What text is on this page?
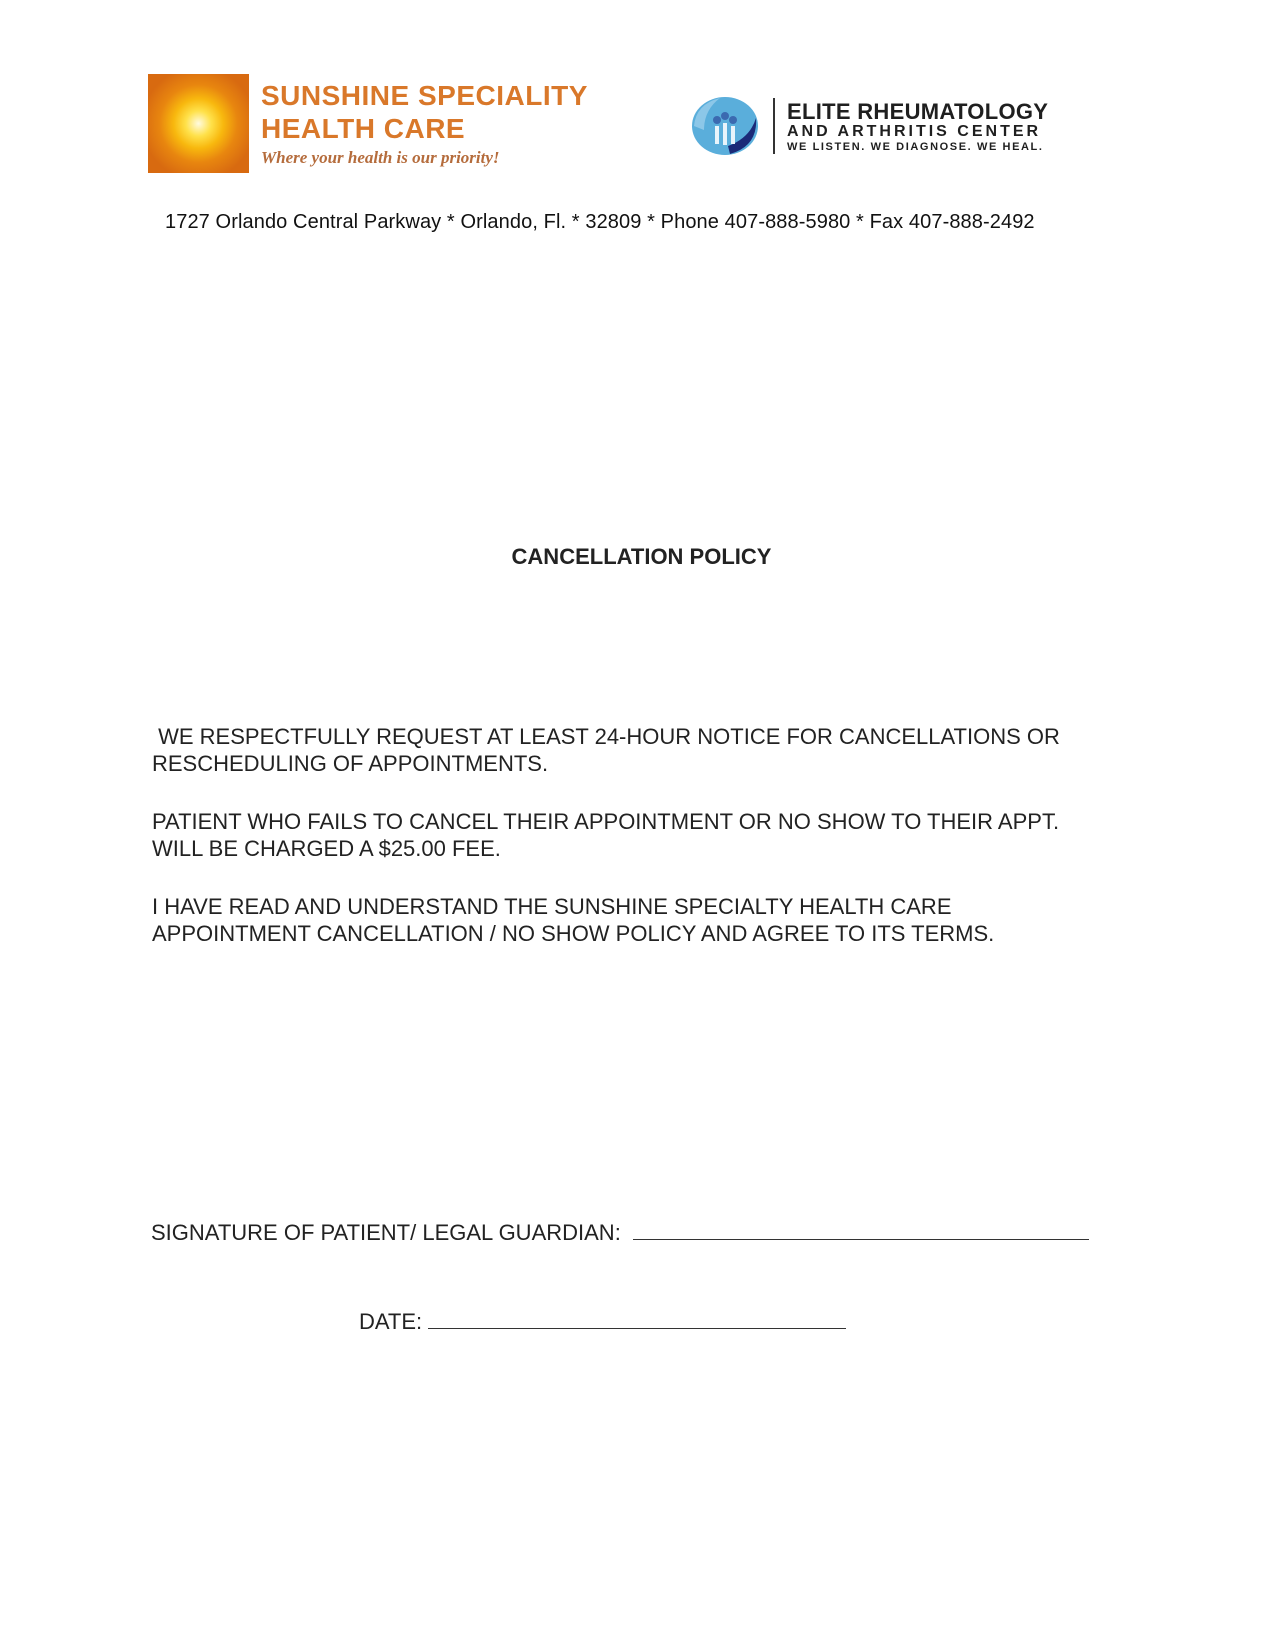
SUNSHINE SPECIALITY
HEALTH CARE
Where your health is our priority!
ELITE RHEUMATOLOGY
AND ARTHRITIS CENTER
WE LISTEN. WE DIAGNOSE. WE HEAL.
1727 Orlando Central Parkway * Orlando, Fl. * 32809 * Phone 407-888-5980 * Fax 407-888-2492
CANCELLATION POLICY
WE RESPECTFULLY REQUEST AT LEAST 24-HOUR NOTICE FOR CANCELLATIONS OR
RESCHEDULING OF APPOINTMENTS.
PATIENT WHO FAILS TO CANCEL THEIR APPOINTMENT OR NO SHOW TO THEIR APPT.
WILL BE CHARGED A $25.00 FEE.
I HAVE READ AND UNDERSTAND THE SUNSHINE SPECIALTY HEALTH CARE
APPOINTMENT CANCELLATION / NO SHOW POLICY AND AGREE TO ITS TERMS.
SIGNATURE OF PATIENT/ LEGAL GUARDIAN:
DATE:
